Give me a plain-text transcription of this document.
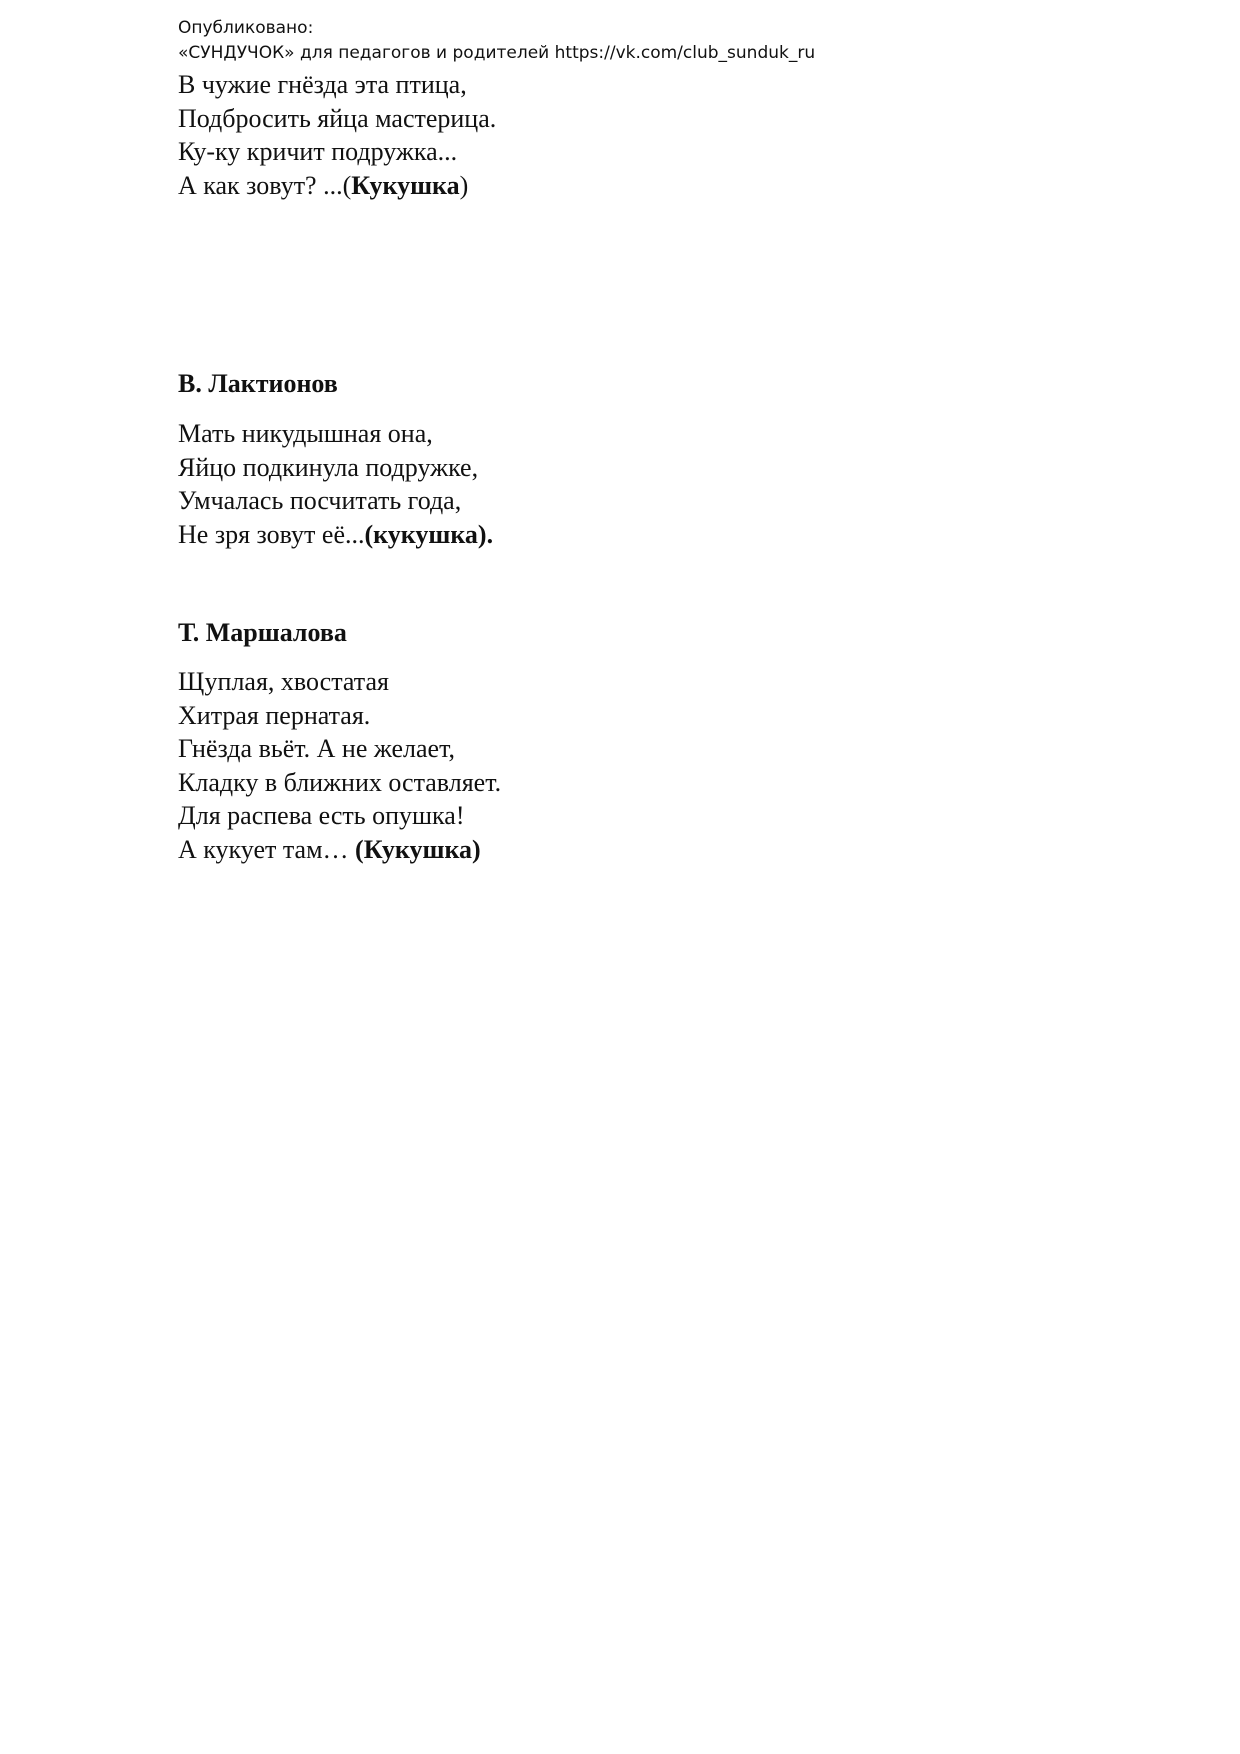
Опубликовано:
«СУНДУЧОК» для педагогов и родителей https://vk.com/club_sunduk_ru
В чужие гнёзда эта птица,
Подбросить яйца мастерица.
Ку-ку кричит подружка...
А как зовут? ...(Кукушка)
В. Лактионов
Мать никудышная она,
Яйцо подкинула подружке,
Умчалась посчитать года,
Не зря зовут её...(кукушка).
Т. Маршалова
Щуплая, хвостатая
Хитрая пернатая.
Гнёзда вьёт. А не желает,
Кладку в ближних оставляет.
Для распева есть опушка!
А кукует там… (Кукушка)
